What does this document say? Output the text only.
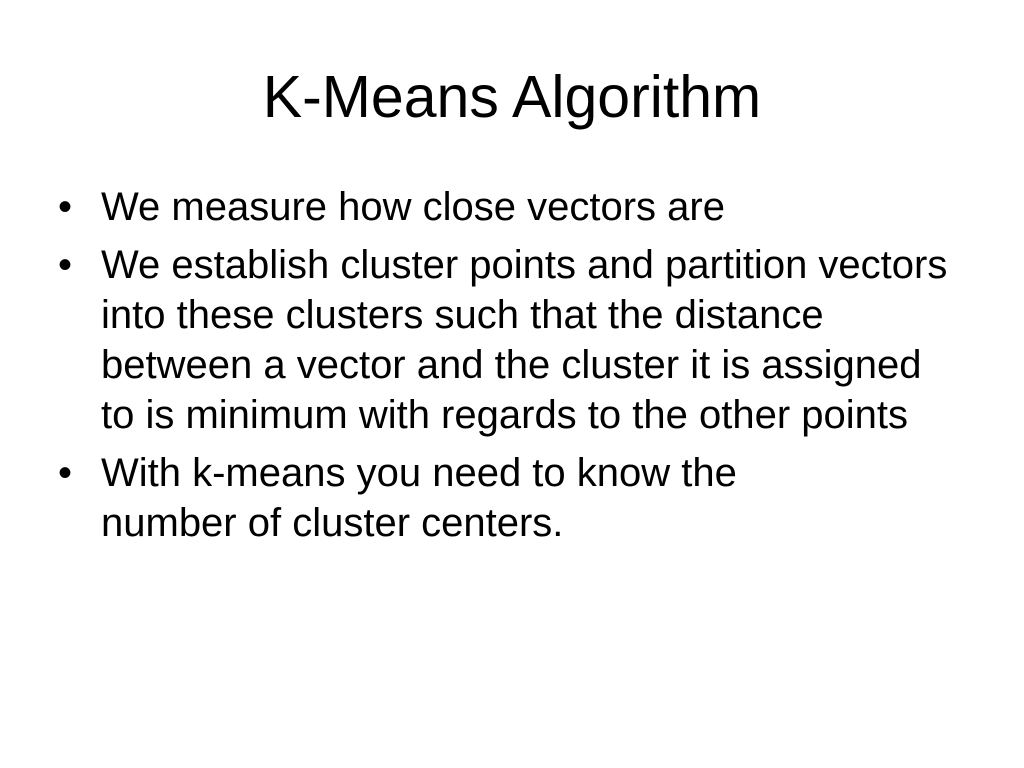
K-Means Algorithm
• We measure how close vectors are
• We establish cluster points and partition vectors into these clusters such that the distance between a vector and the cluster it is assigned to is minimum with regards to the other points
• With k-means you need to know the number of cluster centers.
